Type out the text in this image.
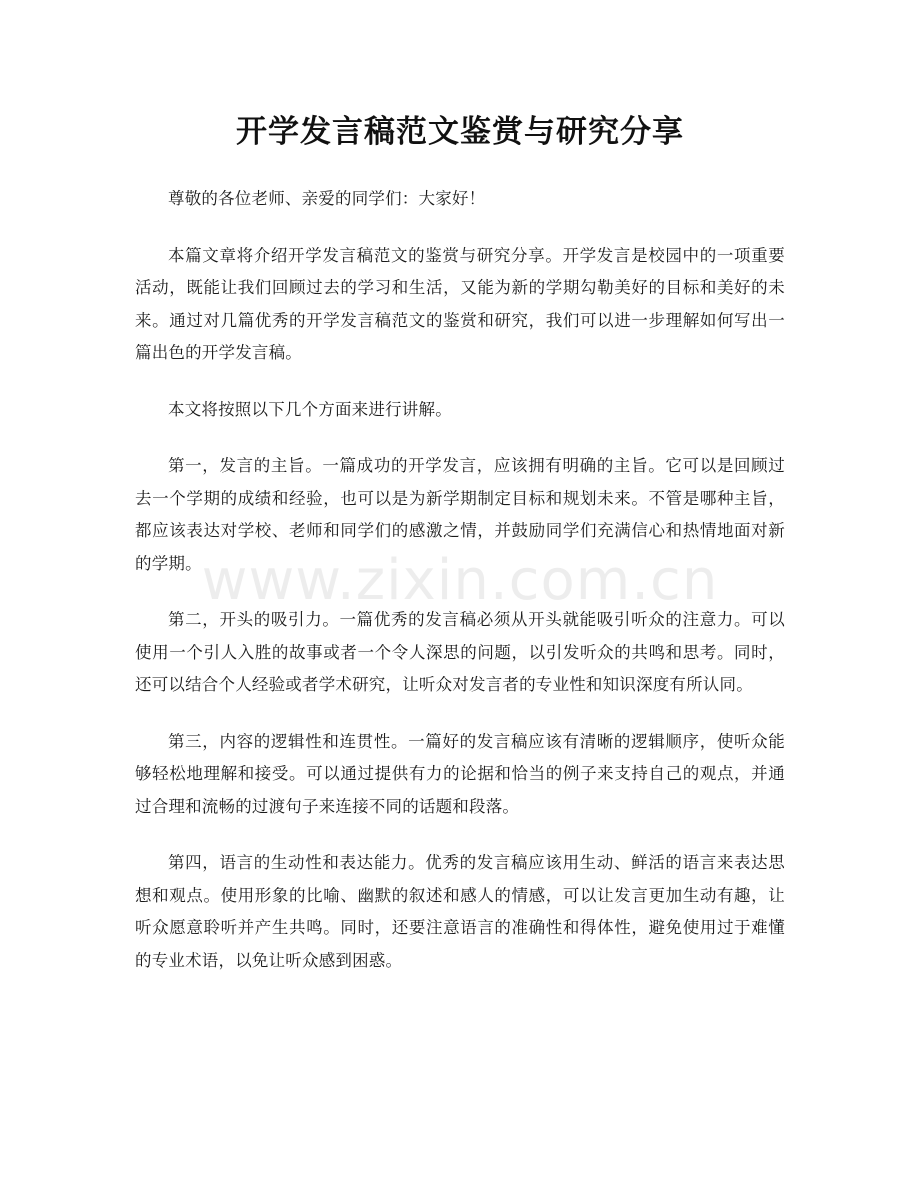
开学发言稿范文鉴赏与研究分享

尊敬的各位老师、亲爱的同学们：大家好！

本篇文章将介绍开学发言稿范文的鉴赏与研究分享。开学发言是校园中的一项重要活动，既能让我们回顾过去的学习和生活，又能为新的学期勾勒美好的目标和美好的未来。通过对几篇优秀的开学发言稿范文的鉴赏和研究，我们可以进一步理解如何写出一篇出色的开学发言稿。

本文将按照以下几个方面来进行讲解。

第一，发言的主旨。一篇成功的开学发言，应该拥有明确的主旨。它可以是回顾过去一个学期的成绩和经验，也可以是为新学期制定目标和规划未来。不管是哪种主旨，都应该表达对学校、老师和同学们的感激之情，并鼓励同学们充满信心和热情地面对新的学期。

第二，开头的吸引力。一篇优秀的发言稿必须从开头就能吸引听众的注意力。可以使用一个引人入胜的故事或者一个令人深思的问题，以引发听众的共鸣和思考。同时，还可以结合个人经验或者学术研究，让听众对发言者的专业性和知识深度有所认同。

第三，内容的逻辑性和连贯性。一篇好的发言稿应该有清晰的逻辑顺序，使听众能够轻松地理解和接受。可以通过提供有力的论据和恰当的例子来支持自己的观点，并通过合理和流畅的过渡句子来连接不同的话题和段落。

第四，语言的生动性和表达能力。优秀的发言稿应该用生动、鲜活的语言来表达思想和观点。使用形象的比喻、幽默的叙述和感人的情感，可以让发言更加生动有趣，让听众愿意聆听并产生共鸣。同时，还要注意语言的准确性和得体性，避免使用过于难懂的专业术语，以免让听众感到困惑。

www.zixin.com.cn
